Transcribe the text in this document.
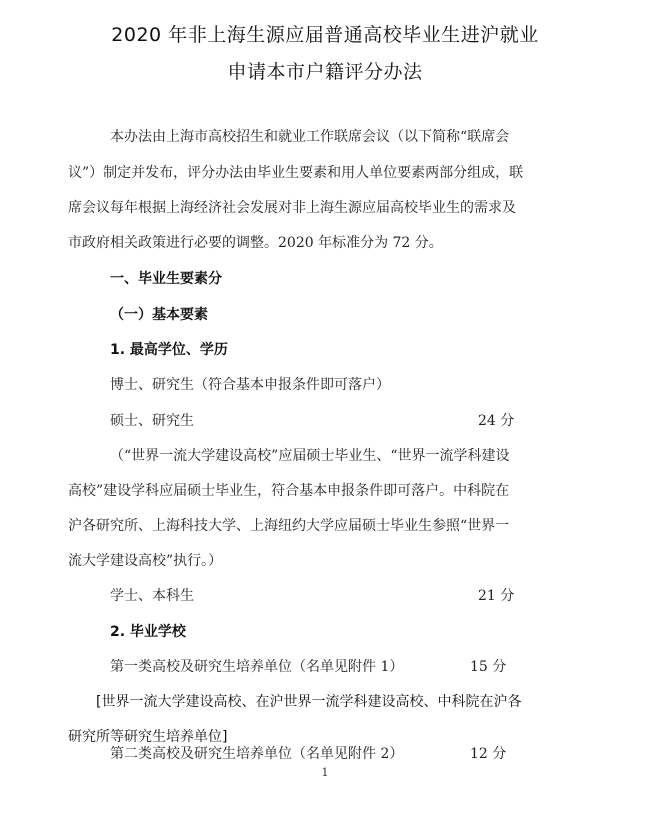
2020 年非上海生源应届普通高校毕业生进沪就业
申请本市户籍评分办法
本办法由上海市高校招生和就业工作联席会议（以下简称“联席会
议”）制定并发布，评分办法由毕业生要素和用人单位要素两部分组成，联
席会议每年根据上海经济社会发展对非上海生源应届高校毕业生的需求及
市政府相关政策进行必要的调整。2020 年标准分为 72 分。
一、毕业生要素分
（一）基本要素
1. 最高学位、学历
博士、研究生（符合基本申报条件即可落户）
硕士、研究生	24 分
（“世界一流大学建设高校”应届硕士毕业生、“世界一流学科建设
高校”建设学科应届硕士毕业生，符合基本申报条件即可落户。中科院在
沪各研究所、上海科技大学、上海纽约大学应届硕士毕业生参照“世界一
流大学建设高校”执行。）
学士、本科生	21 分
2. 毕业学校
第一类高校及研究生培养单位（名单见附件 1）	15 分
[世界一流大学建设高校、在沪世界一流学科建设高校、中科院在沪各
研究所等研究生培养单位]
第二类高校及研究生培养单位（名单见附件 2）	12 分
1
